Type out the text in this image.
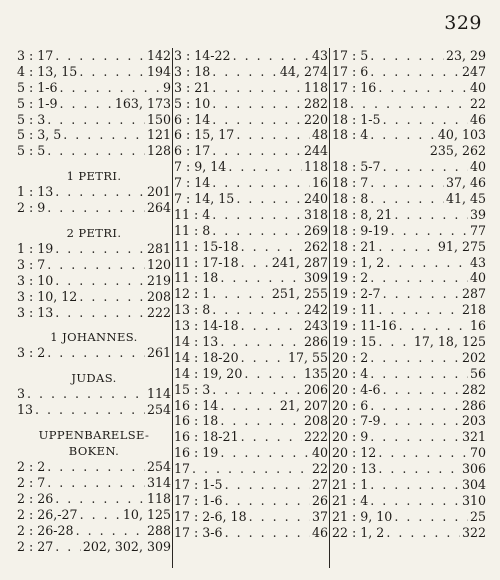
329
3 : 17 . . .	142
4 : 13, 15 . . .	194
5 : 1-6 . . .	9
5 : 1-9 . . .	163, 173
5 : 3 . . .	150
5 : 3, 5 . . .	121
5 : 5 . . .	128
1 PETRI.
1 : 13 . . .	201
2 : 9 . . .	264
2 PETRI.
1 : 19 . . .	281
3 : 7 . . .	120
3 : 10 . . .	219
3 : 10, 12 . . .	208
3 : 13 . . .	222
1 JOHANNES.
3 : 2 . . .	261
JUDAS.
3 . . .	114
13 . . .	254
UPPENBARELSE-
BOKEN.
2 : 2 . . .	254
2 : 7 . . .	314
2 : 26 . . .	118
2 : 26,-27 . . .	10, 125
2 : 26-28 . . .	288
2 : 27 . . . 202, 302, 309
3 : 14-22 . . .	43
3 : 18 . . .	44, 274
3 : 21 . . .	118
5 : 10 . . .	282
6 : 14 . . .	220
6 : 15, 17 . . .	48
6 : 17 . . .	244
7 : 9, 14 . . .	118
7 : 14 . . .	16
7 : 14, 15 . . .	240
11 : 4 . . .	318
11 : 8 . . .	269
11 : 15-18 . . .	262
11 : 17-18 . . .	241, 287
11 : 18 . . .	309
12 : 1 . . .	251, 255
13 : 8 . . .	242
13 : 14-18 . . .	243
14 : 13 . . .	286
14 : 18-20 . . .	17, 55
14 : 19, 20 . . .	135
15 : 3 . . .	206
16 : 14 . . .	21, 207
16 : 18 . . .	208
16 : 18-21 . . .	222
16 : 19 . . .	40
17 . . .	22
17 : 1-5 . . .	27
17 : 1-6 . . .	26
17 : 2-6, 18 . . .	37
17 : 3-6 . . .	46
17 : 5 . . .	23, 29
17 : 6 . . .	247
17 : 16 . . .	40
18 . . .	22
18 : 1-5 . . .	46
18 : 4 . . .	40, 103
235, 262
18 : 5-7 . . .	40
18 : 7 . . .	37, 46
18 : 8 . . .	41, 45
18 : 8, 21 . . .	39
18 : 9-19 . . .	77
18 : 21 . . .	91, 275
19 : 1, 2 . . .	43
19 : 2 . . .	40
19 : 2-7 . . .	287
19 : 11 . . .	218
19 : 11-16 . . .	16
19 : 15 . . .	17, 18, 125
20 : 2 . . .	202
20 : 4 . . .	56
20 : 4-6 . . .	282
20 : 6 . . .	286
20 : 7-9 . . .	203
20 : 9 . . .	321
20 : 12 . . .	70
20 : 13 . . .	306
21 : 1 . . .	304
21 : 4 . . .	310
21 : 9, 10 . . .	25
22 : 1, 2 . . .	322
